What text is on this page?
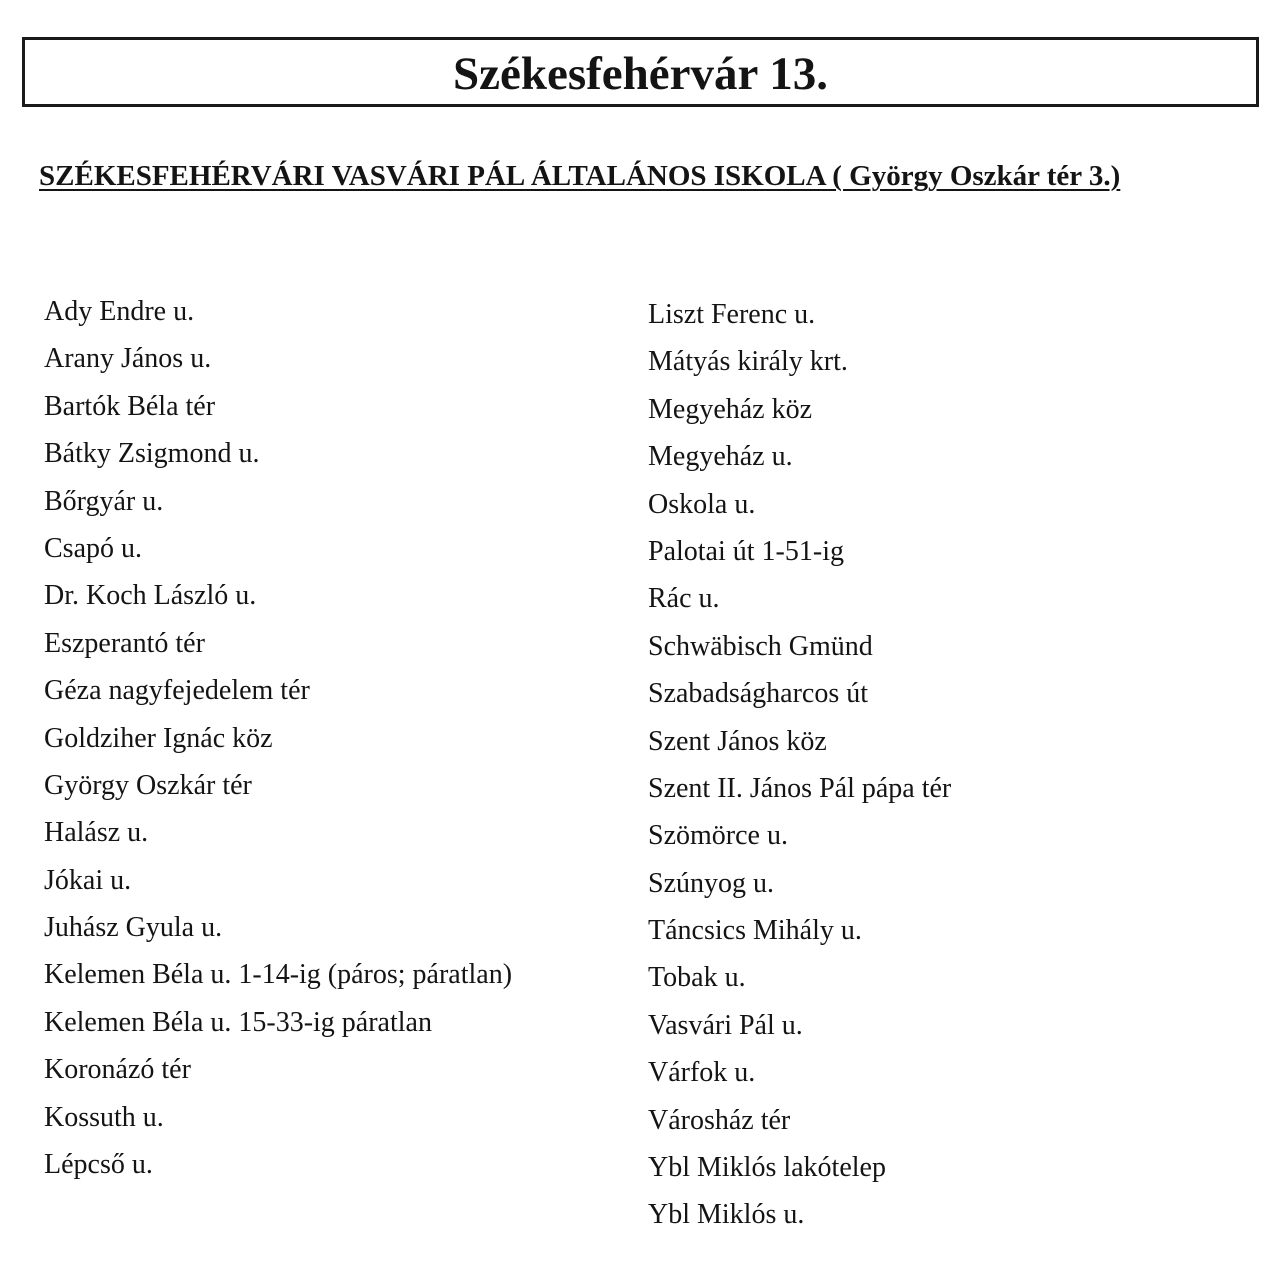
Székesfehérvár 13.
SZÉKESFEHÉRVÁRI VASVÁRI PÁL ÁLTALÁNOS ISKOLA ( György Oszkár tér 3.)
Ady Endre u.
Arany János u.
Bartók Béla tér
Bátky Zsigmond u.
Bőrgyár u.
Csapó u.
Dr. Koch László u.
Eszperantó tér
Géza nagyfejedelem tér
Goldziher Ignác köz
György Oszkár tér
Halász u.
Jókai u.
Juhász Gyula u.
Kelemen Béla u. 1-14-ig (páros; páratlan)
Kelemen Béla u. 15-33-ig páratlan
Koronázó tér
Kossuth u.
Lépcső u.
Liszt Ferenc u.
Mátyás király krt.
Megyeház köz
Megyeház u.
Oskola u.
Palotai út 1-51-ig
Rác u.
Schwäbisch Gmünd
Szabadságharcos út
Szent János köz
Szent II. János Pál pápa tér
Szömörce u.
Szúnyog u.
Táncsics Mihály u.
Tobak u.
Vasvári Pál u.
Várfok u.
Városház tér
Ybl Miklós lakótelep
Ybl Miklós u.
